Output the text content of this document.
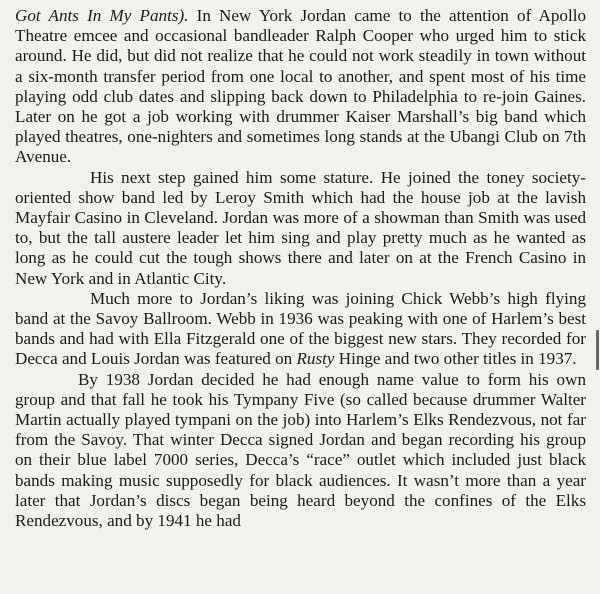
Got Ants In My Pants). In New York Jordan came to the attention of Apollo Theatre emcee and occasional bandleader Ralph Cooper who urged him to stick around. He did, but did not realize that he could not work steadily in town without a six-month transfer period from one local to another, and spent most of his time playing odd club dates and slipping back down to Philadelphia to re-join Gaines. Later on he got a job working with drummer Kaiser Marshall’s big band which played theatres, one-nighters and sometimes long stands at the Ubangi Club on 7th Avenue.

His next step gained him some stature. He joined the toney society-oriented show band led by Leroy Smith which had the house job at the lavish Mayfair Casino in Cleveland. Jordan was more of a showman than Smith was used to, but the tall austere leader let him sing and play pretty much as he wanted as long as he could cut the tough shows there and later on at the French Casino in New York and in Atlantic City.

Much more to Jordan’s liking was joining Chick Webb’s high flying band at the Savoy Ballroom. Webb in 1936 was peaking with one of Harlem’s best bands and had with Ella Fitzgerald one of the biggest new stars. They recorded for Decca and Louis Jordan was featured on Rusty Hinge and two other titles in 1937.

By 1938 Jordan decided he had enough name value to form his own group and that fall he took his Tympany Five (so called because drummer Walter Martin actually played tympani on the job) into Harlem’s Elks Rendezvous, not far from the Savoy. That winter Decca signed Jordan and began recording his group on their blue label 7000 series, Decca’s “race” outlet which included just black bands making music supposedly for black audiences. It wasn’t more than a year later that Jordan’s discs began being heard beyond the confines of the Elks Rendezvous, and by 1941 he had
